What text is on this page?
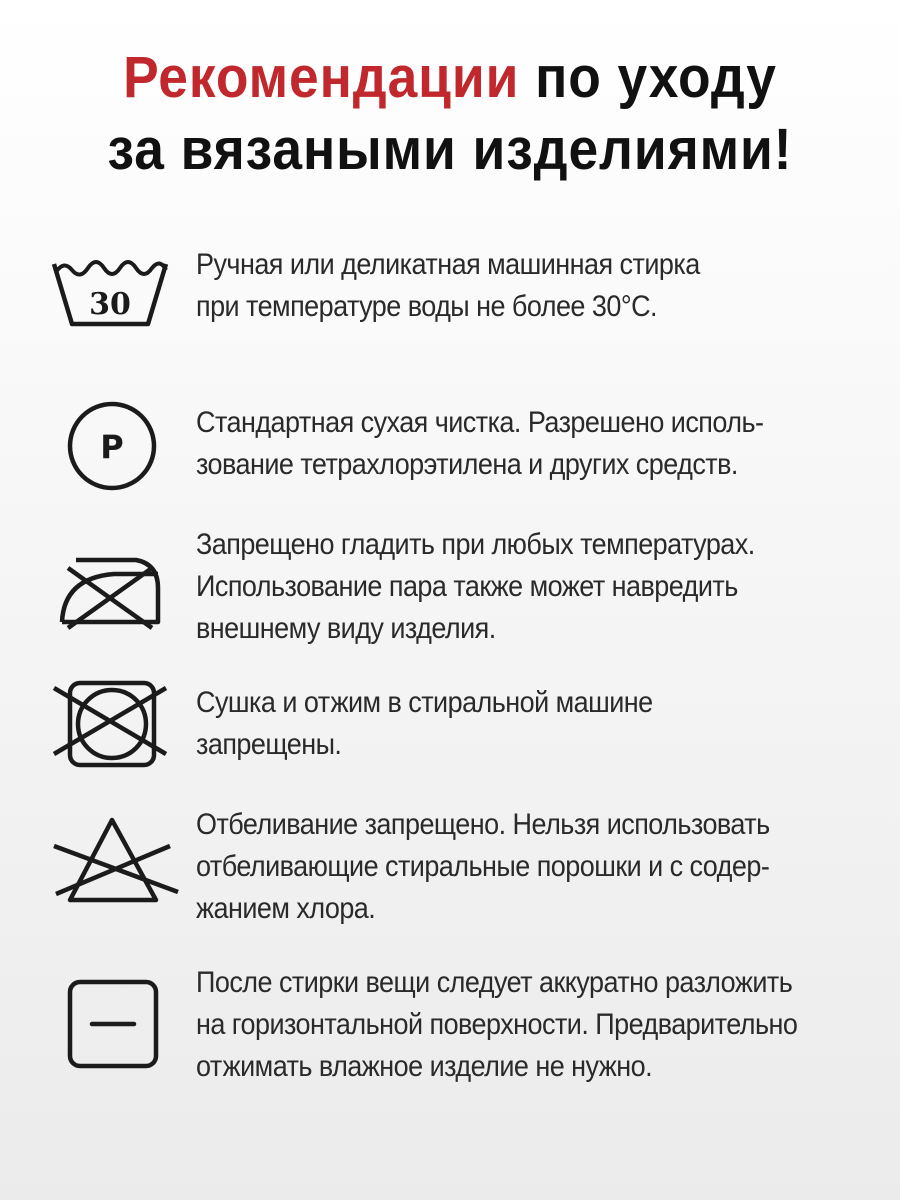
Рекомендации по уходу
за вязаными изделиями!
30
Ручная или деликатная машинная стирка
при температуре воды не более 30°С.
P
Стандартная сухая чистка. Разрешено исполь-
зование тетрахлорэтилена и других средств.
Запрещено гладить при любых температурах.
Использование пара также может навредить
внешнему виду изделия.
Сушка и отжим в стиральной машине
запрещены.
Отбеливание запрещено. Нельзя использовать
отбеливающие стиральные порошки и с содер-
жанием хлора.
После стирки вещи следует аккуратно разложить
на горизонтальной поверхности. Предварительно
отжимать влажное изделие не нужно.
